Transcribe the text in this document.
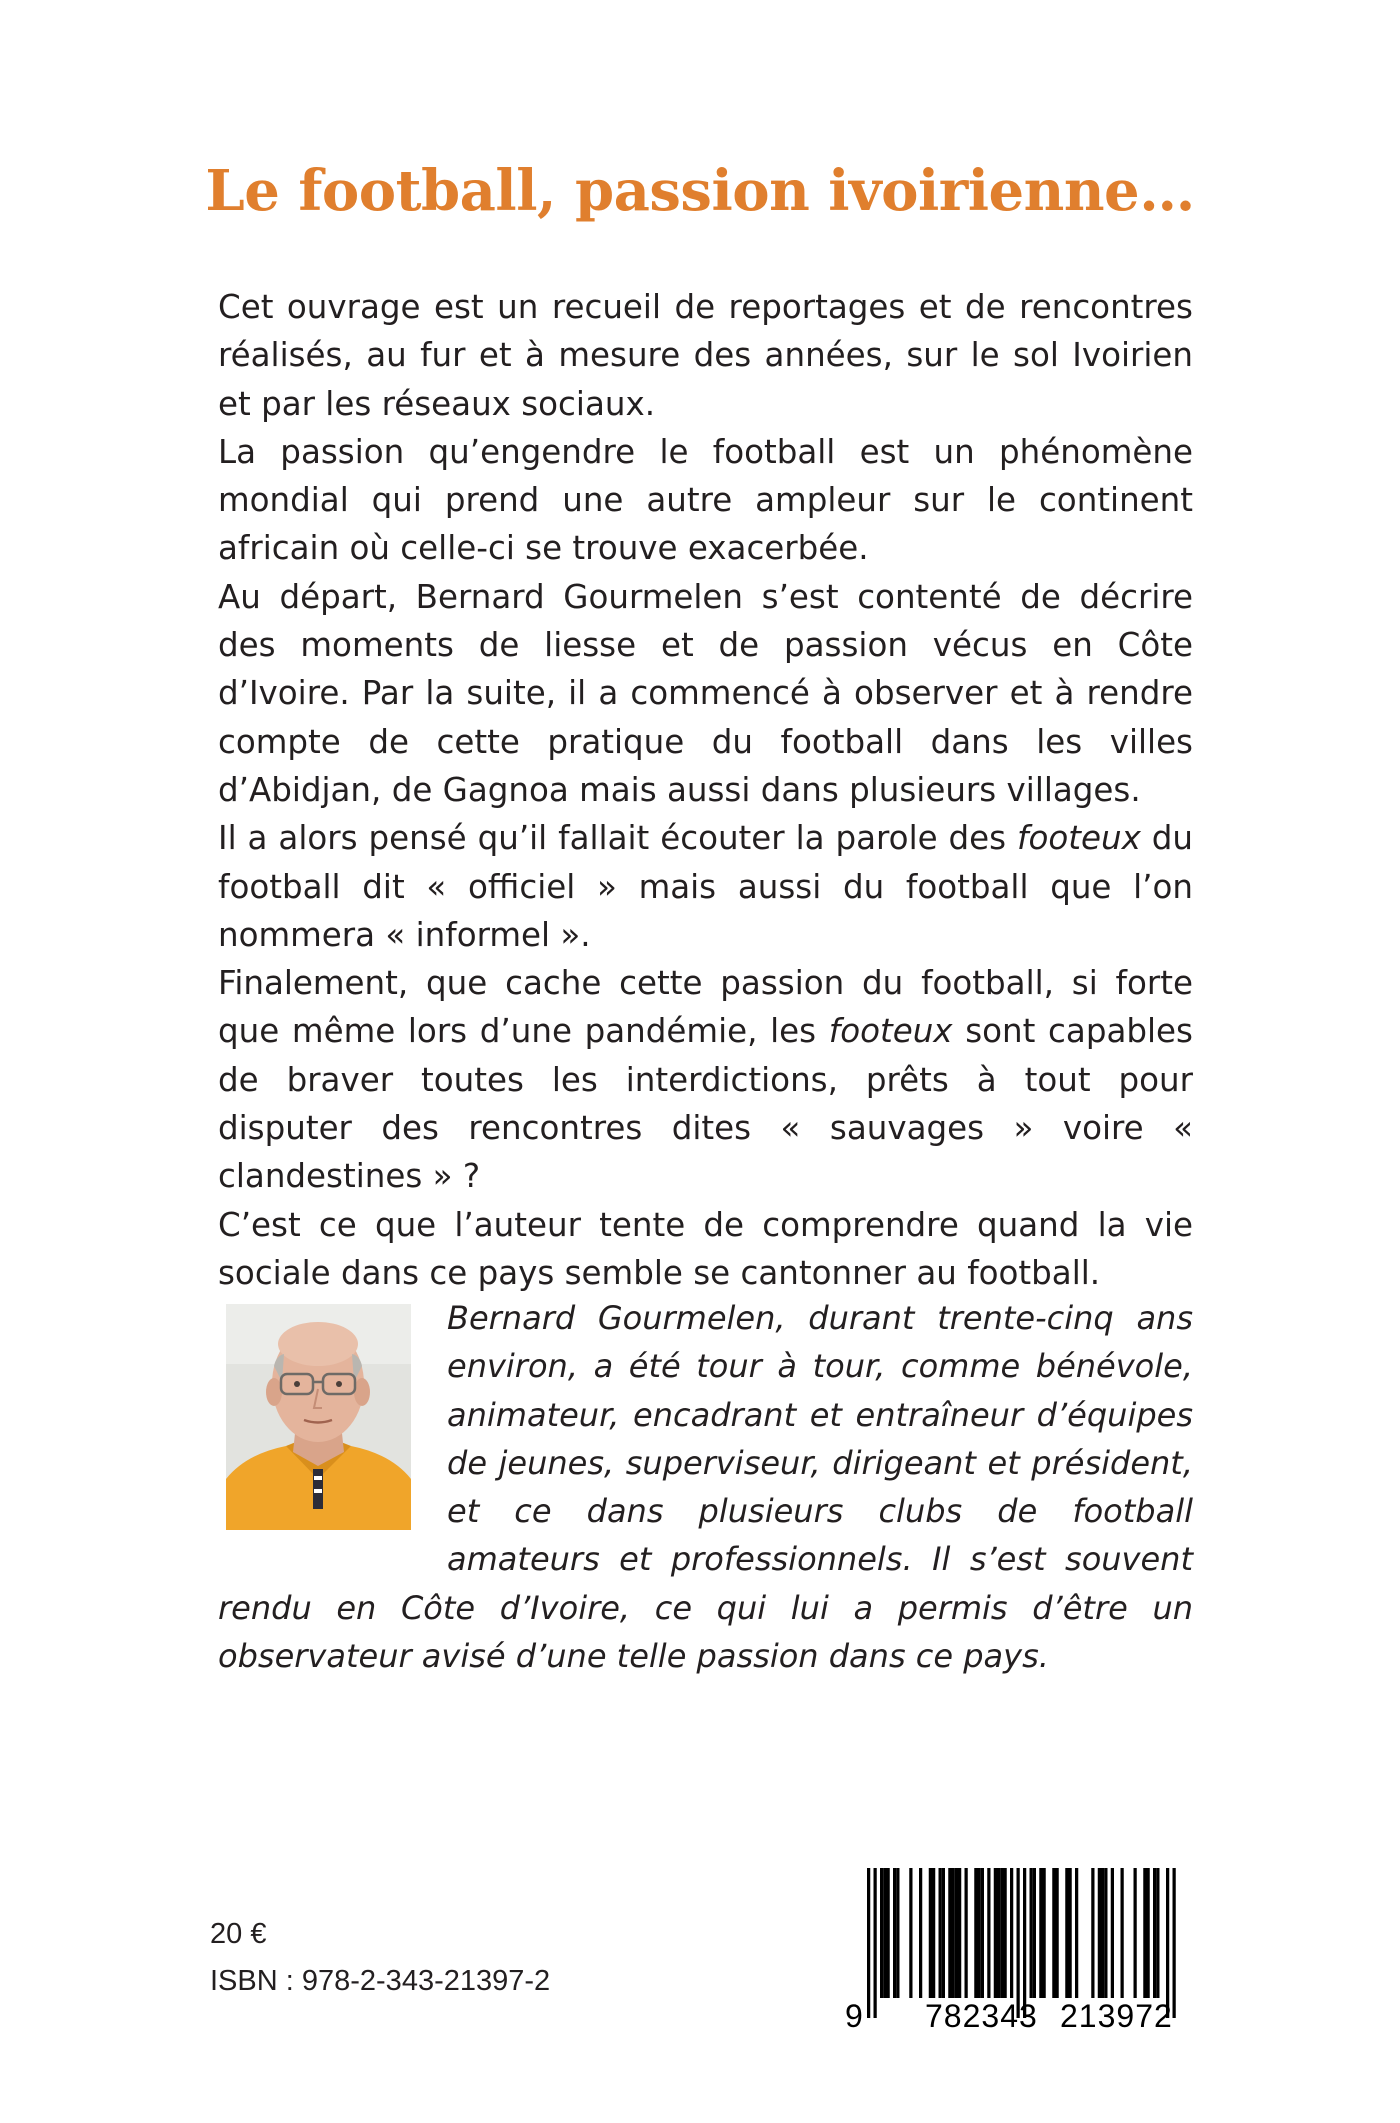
Le football, passion ivoirienne…

Cet ouvrage est un recueil de reportages et de rencontres réalisés, au fur et à mesure des années, sur le sol Ivoirien et par les réseaux sociaux.

La passion qu’engendre le football est un phénomène mondial qui prend une autre ampleur sur le continent africain où celle-ci se trouve exacerbée.

Au départ, Bernard Gourmelen s’est contenté de décrire des moments de liesse et de passion vécus en Côte d’Ivoire. Par la suite, il a commencé à observer et à rendre compte de cette pratique du football dans les villes d’Abidjan, de Gagnoa mais aussi dans plusieurs villages.

Il a alors pensé qu’il fallait écouter la parole des footeux du football dit « officiel » mais aussi du football que l’on nommera « informel ».

Finalement, que cache cette passion du football, si forte que même lors d’une pandémie, les footeux sont capables de braver toutes les interdictions, prêts à tout pour disputer des rencontres dites « sauvages » voire « clandestines » ?

C’est ce que l’auteur tente de comprendre quand la vie sociale dans ce pays semble se cantonner au football.

Bernard Gourmelen, durant trente-cinq ans environ, a été tour à tour, comme bénévole, animateur, encadrant et entraîneur d’équipes de jeunes, superviseur, dirigeant et président, et ce dans plusieurs clubs de football amateurs et professionnels. Il s’est souvent rendu en Côte d’Ivoire, ce qui lui a permis d’être un observateur avisé d’une telle passion dans ce pays.

20 €

ISBN : 978-2-343-21397-2

9 782343 213972
